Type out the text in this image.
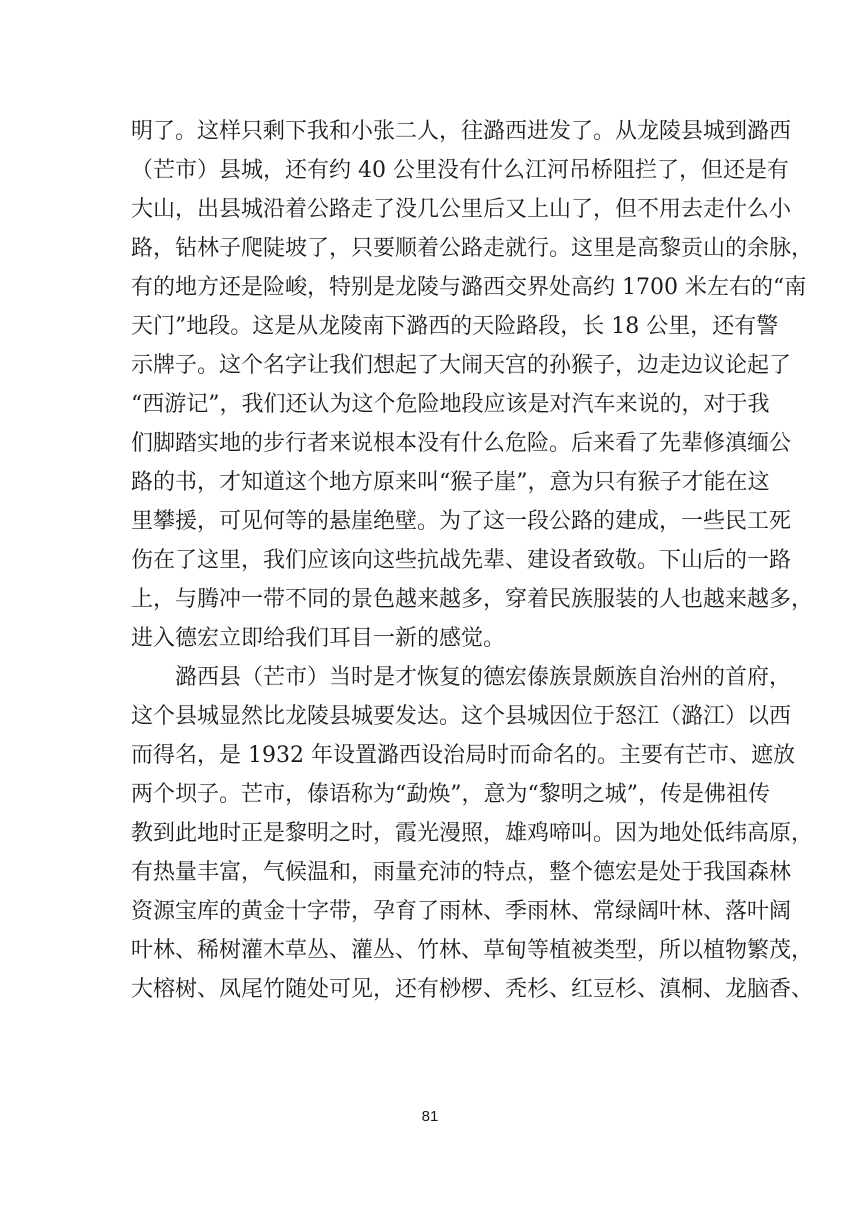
明了。这样只剩下我和小张二人，往潞西进发了。从龙陵县城到潞西
（芒市）县城，还有约 40 公里没有什么江河吊桥阻拦了，但还是有
大山，出县城沿着公路走了没几公里后又上山了，但不用去走什么小
路，钻林子爬陡坡了，只要顺着公路走就行。这里是高黎贡山的余脉，
有的地方还是险峻，特别是龙陵与潞西交界处高约 1700 米左右的“南
天门”地段。这是从龙陵南下潞西的天险路段，长 18 公里，还有警
示牌子。这个名字让我们想起了大闹天宫的孙猴子，边走边议论起了
“西游记”，我们还认为这个危险地段应该是对汽车来说的，对于我
们脚踏实地的步行者来说根本没有什么危险。后来看了先辈修滇缅公
路的书，才知道这个地方原来叫“猴子崖”，意为只有猴子才能在这
里攀援，可见何等的悬崖绝壁。为了这一段公路的建成，一些民工死
伤在了这里，我们应该向这些抗战先辈、建设者致敬。下山后的一路
上，与腾冲一带不同的景色越来越多，穿着民族服装的人也越来越多，
进入德宏立即给我们耳目一新的感觉。
潞西县（芒市）当时是才恢复的德宏傣族景颇族自治州的首府，
这个县城显然比龙陵县城要发达。这个县城因位于怒江（潞江）以西
而得名，是 1932 年设置潞西设治局时而命名的。主要有芒市、遮放
两个坝子。芒市，傣语称为“勐焕”，意为“黎明之城”，传是佛祖传
教到此地时正是黎明之时，霞光漫照，雄鸡啼叫。因为地处低纬高原，
有热量丰富，气候温和，雨量充沛的特点，整个德宏是处于我国森林
资源宝库的黄金十字带，孕育了雨林、季雨林、常绿阔叶林、落叶阔
叶林、稀树灌木草丛、灌丛、竹林、草甸等植被类型，所以植物繁茂，
大榕树、凤尾竹随处可见，还有桫椤、秃杉、红豆杉、滇桐、龙脑香、
81
